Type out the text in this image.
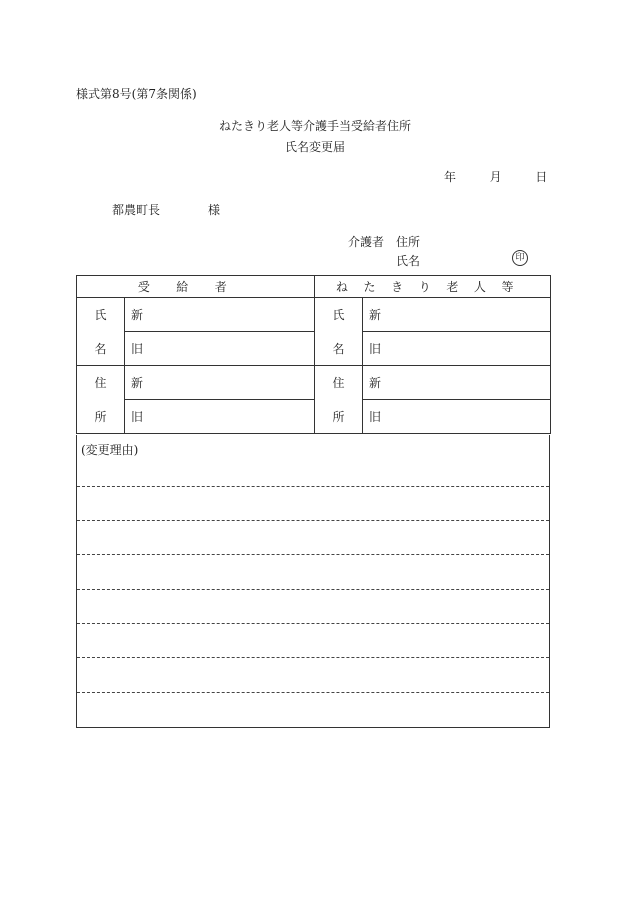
様式第8号(第7条関係)
ねたきり老人等介護手当受給者住所
氏名変更届
年	月	日
都農町長	様
介護者 住所
氏名	印
受給者		ねたきり老人等	
氏	新	氏	新
名	旧	名	旧
住	新	住	新
所	旧	所	旧
(変更理由)
